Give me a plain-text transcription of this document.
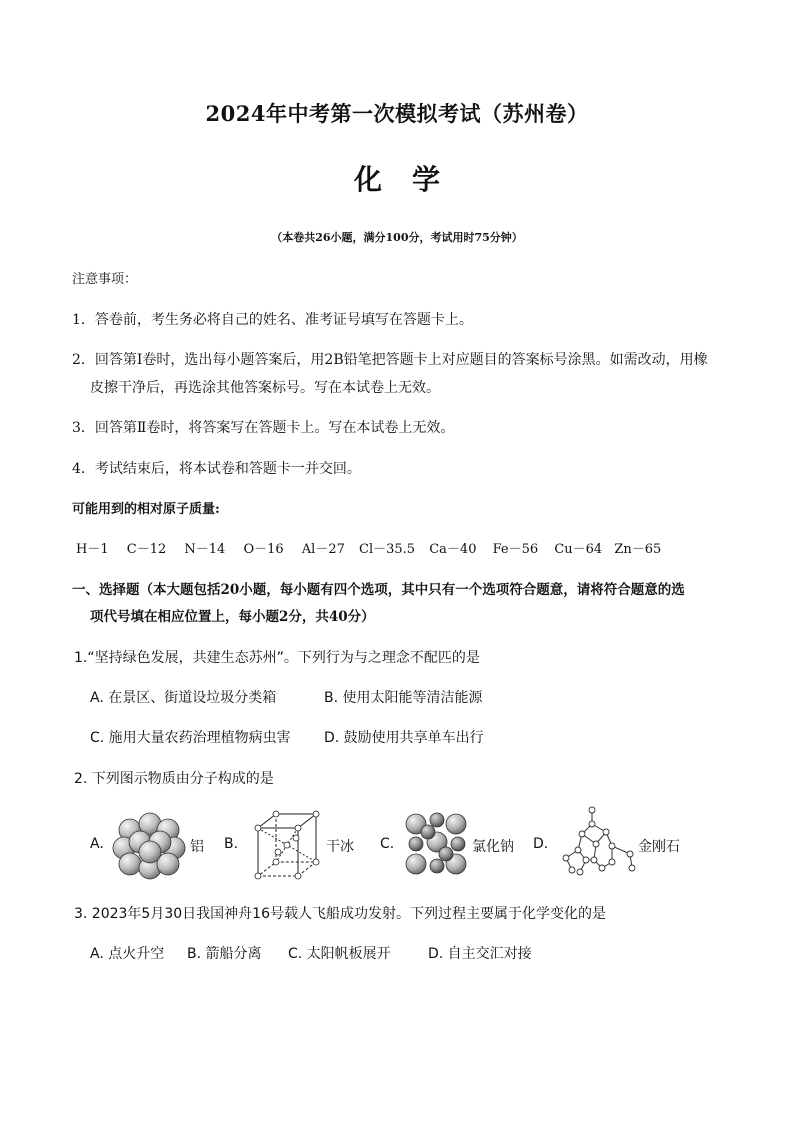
2024年中考第一次模拟考试（苏州卷）
化学
（本卷共26小题，满分100分，考试用时75分钟）
注意事项：
1．答卷前，考生务必将自己的姓名、准考证号填写在答题卡上。
2．回答第Ⅰ卷时，选出每小题答案后，用2B铅笔把答题卡上对应题目的答案标号涂黑。如需改动，用橡
皮擦干净后，再选涂其他答案标号。写在本试卷上无效。
3．回答第Ⅱ卷时，将答案写在答题卡上。写在本试卷上无效。
4．考试结束后，将本试卷和答题卡一并交回。
可能用到的相对原子质量:
H－1 C－12 N－14 O－16 Al－27 Cl－35.5 Ca－40 Fe－56 Cu－64 Zn－65
一、选择题（本大题包括20小题，每小题有四个选项，其中只有一个选项符合题意，请将符合题意的选
项代号填在相应位置上，每小题2分，共40分）
1.“坚持绿色发展，共建生态苏州”。下列行为与之理念不配匹的是
A. 在景区、街道设垃圾分类箱	B. 使用太阳能等清洁能源
C. 施用大量农药治理植物病虫害 D. 鼓励使用共享单车出行
2. 下列图示物质由分子构成的是
A.	铝 B.	干冰 C.	氯化钠 D.	金刚石
3. 2023年5月30日我国神舟16号载人飞船成功发射。下列过程主要属于化学变化的是
A. 点火升空 B. 箭船分离 C. 太阳帆板展开	D. 自主交汇对接
